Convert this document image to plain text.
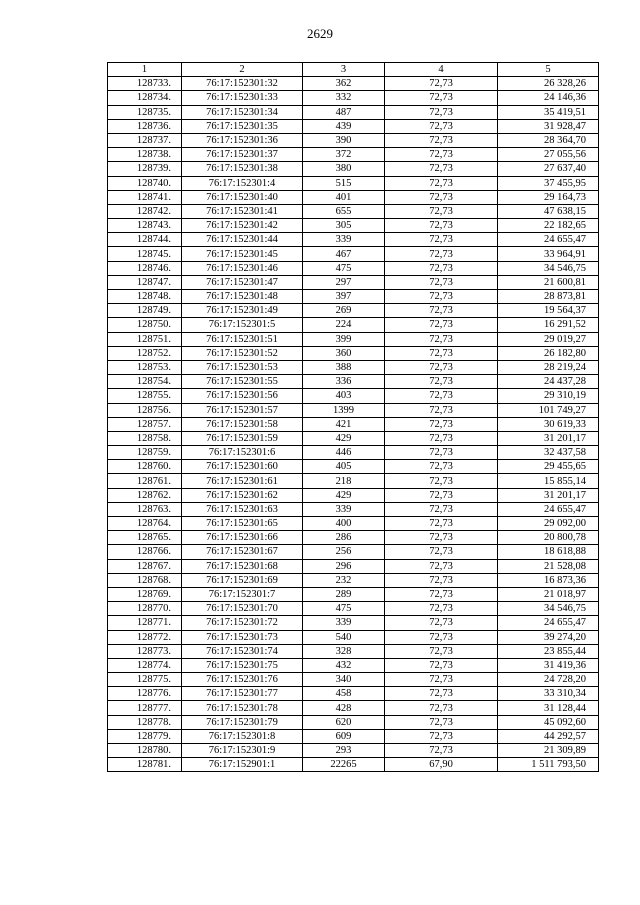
2629
1	2	3	4	5
128733.	76:17:152301:32	362	72,73	26 328,26
128734.	76:17:152301:33	332	72,73	24 146,36
128735.	76:17:152301:34	487	72,73	35 419,51
128736.	76:17:152301:35	439	72,73	31 928,47
128737.	76:17:152301:36	390	72,73	28 364,70
128738.	76:17:152301:37	372	72,73	27 055,56
128739.	76:17:152301:38	380	72,73	27 637,40
128740.	76:17:152301:4	515	72,73	37 455,95
128741.	76:17:152301:40	401	72,73	29 164,73
128742.	76:17:152301:41	655	72,73	47 638,15
128743.	76:17:152301:42	305	72,73	22 182,65
128744.	76:17:152301:44	339	72,73	24 655,47
128745.	76:17:152301:45	467	72,73	33 964,91
128746.	76:17:152301:46	475	72,73	34 546,75
128747.	76:17:152301:47	297	72,73	21 600,81
128748.	76:17:152301:48	397	72,73	28 873,81
128749.	76:17:152301:49	269	72,73	19 564,37
128750.	76:17:152301:5	224	72,73	16 291,52
128751.	76:17:152301:51	399	72,73	29 019,27
128752.	76:17:152301:52	360	72,73	26 182,80
128753.	76:17:152301:53	388	72,73	28 219,24
128754.	76:17:152301:55	336	72,73	24 437,28
128755.	76:17:152301:56	403	72,73	29 310,19
128756.	76:17:152301:57	1399	72,73	101 749,27
128757.	76:17:152301:58	421	72,73	30 619,33
128758.	76:17:152301:59	429	72,73	31 201,17
128759.	76:17:152301:6	446	72,73	32 437,58
128760.	76:17:152301:60	405	72,73	29 455,65
128761.	76:17:152301:61	218	72,73	15 855,14
128762.	76:17:152301:62	429	72,73	31 201,17
128763.	76:17:152301:63	339	72,73	24 655,47
128764.	76:17:152301:65	400	72,73	29 092,00
128765.	76:17:152301:66	286	72,73	20 800,78
128766.	76:17:152301:67	256	72,73	18 618,88
128767.	76:17:152301:68	296	72,73	21 528,08
128768.	76:17:152301:69	232	72,73	16 873,36
128769.	76:17:152301:7	289	72,73	21 018,97
128770.	76:17:152301:70	475	72,73	34 546,75
128771.	76:17:152301:72	339	72,73	24 655,47
128772.	76:17:152301:73	540	72,73	39 274,20
128773.	76:17:152301:74	328	72,73	23 855,44
128774.	76:17:152301:75	432	72,73	31 419,36
128775.	76:17:152301:76	340	72,73	24 728,20
128776.	76:17:152301:77	458	72,73	33 310,34
128777.	76:17:152301:78	428	72,73	31 128,44
128778.	76:17:152301:79	620	72,73	45 092,60
128779.	76:17:152301:8	609	72,73	44 292,57
128780.	76:17:152301:9	293	72,73	21 309,89
128781.	76:17:152901:1	22265	67,90	1 511 793,50
